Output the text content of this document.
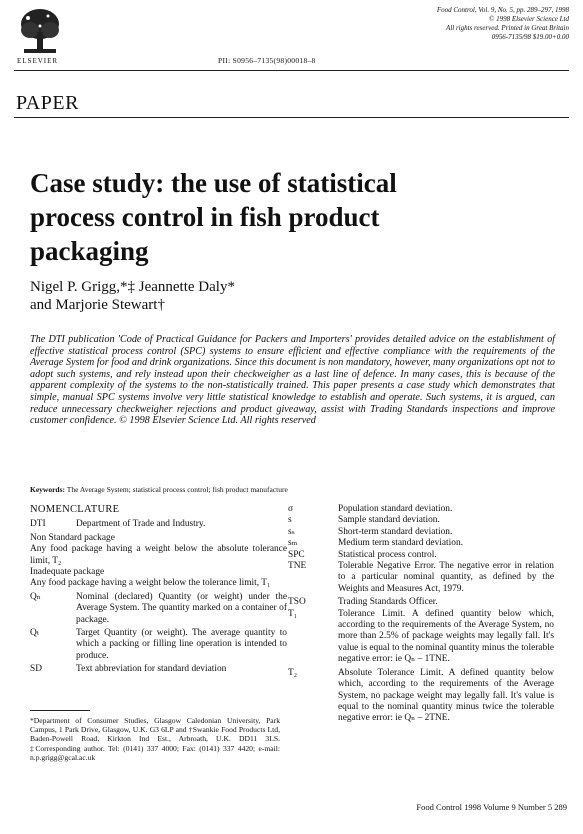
ELSEVIER	PII: S0956–7135(98)00018–8
Food Control, Vol. 9, No. 5, pp. 289–297, 1998
© 1998 Elsevier Science Ltd
All rights reserved. Printed in Great Britain
0956-7135/98 $19.00+0.00
PAPER
Case study: the use of statistical process control in fish product packaging
Nigel P. Grigg,*‡ Jeannette Daly*
and Marjorie Stewart†
The DTI publication 'Code of Practical Guidance for Packers and Importers' provides detailed advice on the establishment of effective statistical process control (SPC) systems to ensure efficient and effective compliance with the requirements of the Average System for food and drink organizations. Since this document is non mandatory, however, many organizations opt not to adopt such systems, and rely instead upon their checkweigher as a last line of defence. In many cases, this is because of the apparent complexity of the systems to the non-statistically trained. This paper presents a case study which demonstrates that simple, manual SPC systems involve very little statistical knowledge to establish and operate. Such systems, it is argued, can reduce unnecessary checkweigher rejections and product giveaway, assist with Trading Standards inspections and improve customer confidence. © 1998 Elsevier Science Ltd. All rights reserved
Keywords: The Average System; statistical process control; fish product manufacture
NOMENCLATURE
DTI	Department of Trade and Industry.
Non Standard package
Any food package having a weight below the absolute tolerance limit, T₂
Inadequate package
Any food package having a weight below the tolerance limit, T₁
Qₙ	Nominal (declared) Quantity (or weight) under the Average System. The quantity marked on a container of package.
Qₜ	Target Quantity (or weight). The average quantity to which a packing or filling line operation is intended to produce.
SD	Text abbreviation for standard deviation
σ	Population standard deviation.
s	Sample standard deviation.
sₛ	Short-term standard deviation.
sₘ	Medium term standard deviation.
SPC	Statistical process control.
TNE	Tolerable Negative Error. The negative error in relation to a particular nominal quantity, as defined by the Weights and Measures Act, 1979.
TSO	Trading Standards Officer.
T₁	Tolerance Limit. A defined quantity below which, according to the requirements of the Average System, no more than 2.5% of package weights may legally fall. It's value is equal to the nominal quantity minus the tolerable negative error: ie Qₙ – 1TNE.
T₂	Absolute Tolerance Limit. A defined quantity below which, according to the requirements of the Average System, no package weight may legally fall. It's value is equal to the nominal quantity minus twice the tolerable negative error: ie Qₙ – 2TNE.
*Department of Consumer Studies, Glasgow Caledonian University, Park Campus, 1 Park Drive, Glasgow, U.K. G3 6LP and †Swankie Food Products Ltd, Baden-Powell Road, Kirkton Ind Est., Arbroath, U.K. DD11 3LS. ‡Corresponding author. Tel: (0141) 337 4000; Fax: (0141) 337 4420; e-mail: n.p.grigg@gcal.ac.uk
Food Control 1998 Volume 9 Number 5 289
